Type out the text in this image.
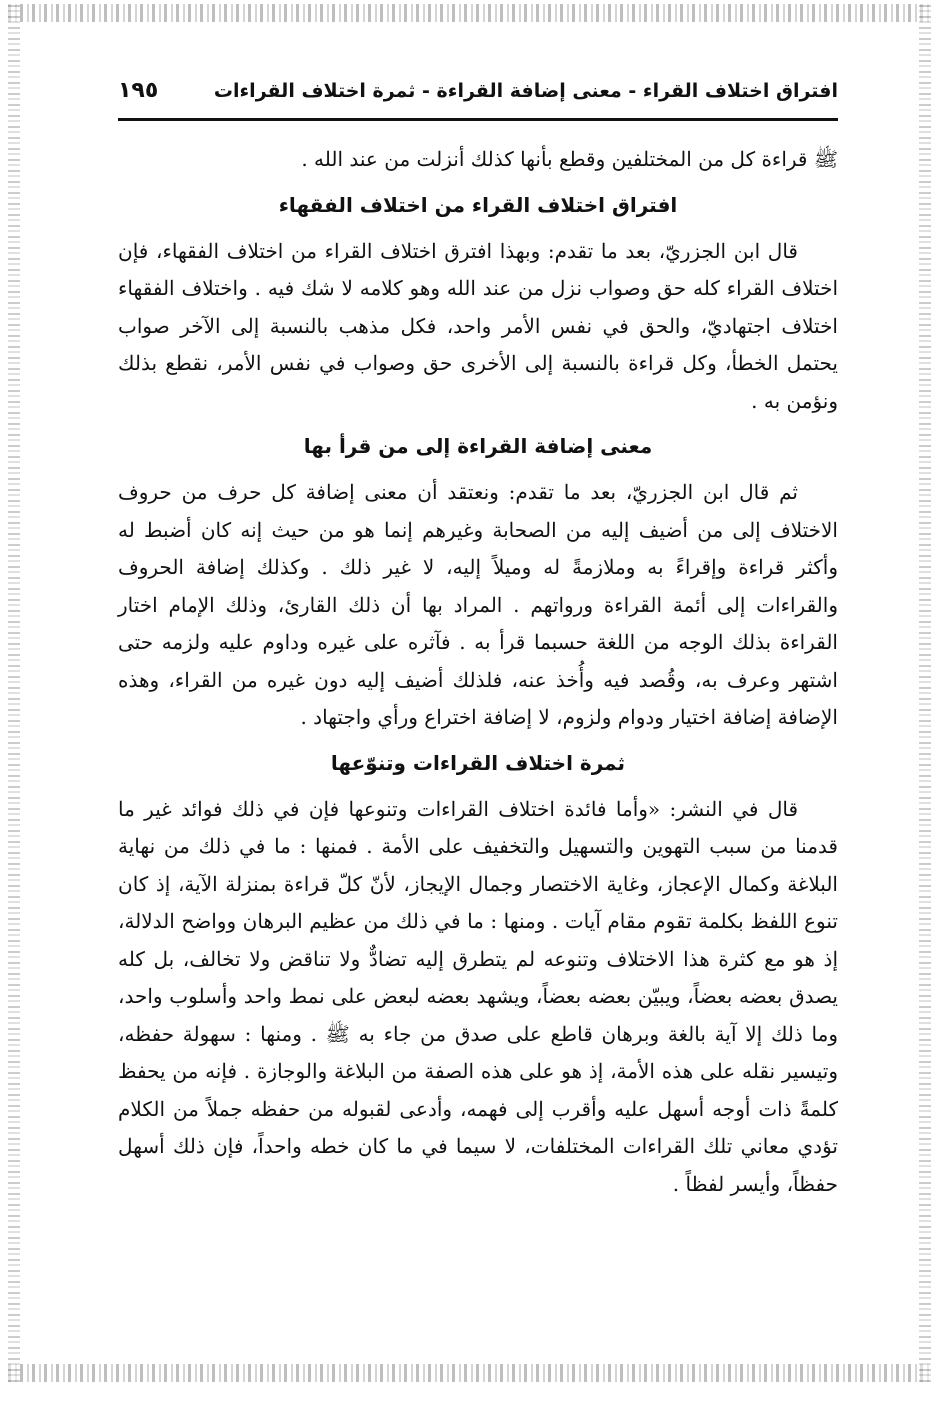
افتراق اختلاف القراء - معنى إضافة القراءة - ثمرة اختلاف القراءات
١٩٥

ﷺ قراءة كل من المختلفين وقطع بأنها كذلك أنزلت من عند الله .

افتراق اختلاف القراء من اختلاف الفقهاء

قال ابن الجزريّ، بعد ما تقدم: وبهذا افترق اختلاف القراء من اختلاف الفقهاء، فإن اختلاف القراء كله حق وصواب نزل من عند الله وهو كلامه لا شك فيه . واختلاف الفقهاء اختلاف اجتهاديّ، والحق في نفس الأمر واحد، فكل مذهب بالنسبة إلى الآخر صواب يحتمل الخطأ، وكل قراءة بالنسبة إلى الأخرى حق وصواب في نفس الأمر، نقطع بذلك ونؤمن به .

معنى إضافة القراءة إلى من قرأ بها

ثم قال ابن الجزريّ، بعد ما تقدم: ونعتقد أن معنى إضافة كل حرف من حروف الاختلاف إلى من أضيف إليه من الصحابة وغيرهم إنما هو من حيث إنه كان أضبط له وأكثر قراءة وإقراءً به وملازمةً له وميلاً إليه، لا غير ذلك . وكذلك إضافة الحروف والقراءات إلى أئمة القراءة ورواتهم . المراد بها أن ذلك القارئ، وذلك الإمام اختار القراءة بذلك الوجه من اللغة حسبما قرأ به . فآثره على غيره وداوم عليه ولزمه حتى اشتهر وعرف به، وقُصد فيه وأُخذ عنه، فلذلك أضيف إليه دون غيره من القراء، وهذه الإضافة إضافة اختيار ودوام ولزوم، لا إضافة اختراع ورأي واجتهاد .

ثمرة اختلاف القراءات وتنوّعها

قال في النشر: «وأما فائدة اختلاف القراءات وتنوعها فإن في ذلك فوائد غير ما قدمنا من سبب التهوين والتسهيل والتخفيف على الأمة . فمنها : ما في ذلك من نهاية البلاغة وكمال الإعجاز، وغاية الاختصار وجمال الإيجاز، لأنّ كلّ قراءة بمنزلة الآية، إذ كان تنوع اللفظ بكلمة تقوم مقام آيات . ومنها : ما في ذلك من عظيم البرهان وواضح الدلالة، إذ هو مع كثرة هذا الاختلاف وتنوعه لم يتطرق إليه تضادٌّ ولا تناقض ولا تخالف، بل كله يصدق بعضه بعضاً، ويبيّن بعضه بعضاً، ويشهد بعضه لبعض على نمط واحد وأسلوب واحد، وما ذلك إلا آية بالغة وبرهان قاطع على صدق من جاء به ﷺ . ومنها : سهولة حفظه، وتيسير نقله على هذه الأمة، إذ هو على هذه الصفة من البلاغة والوجازة . فإنه من يحفظ كلمةً ذات أوجه أسهل عليه وأقرب إلى فهمه، وأدعى لقبوله من حفظه جملاً من الكلام تؤدي معاني تلك القراءات المختلفات، لا سيما في ما كان خطه واحداً، فإن ذلك أسهل حفظاً، وأيسر لفظاً .
